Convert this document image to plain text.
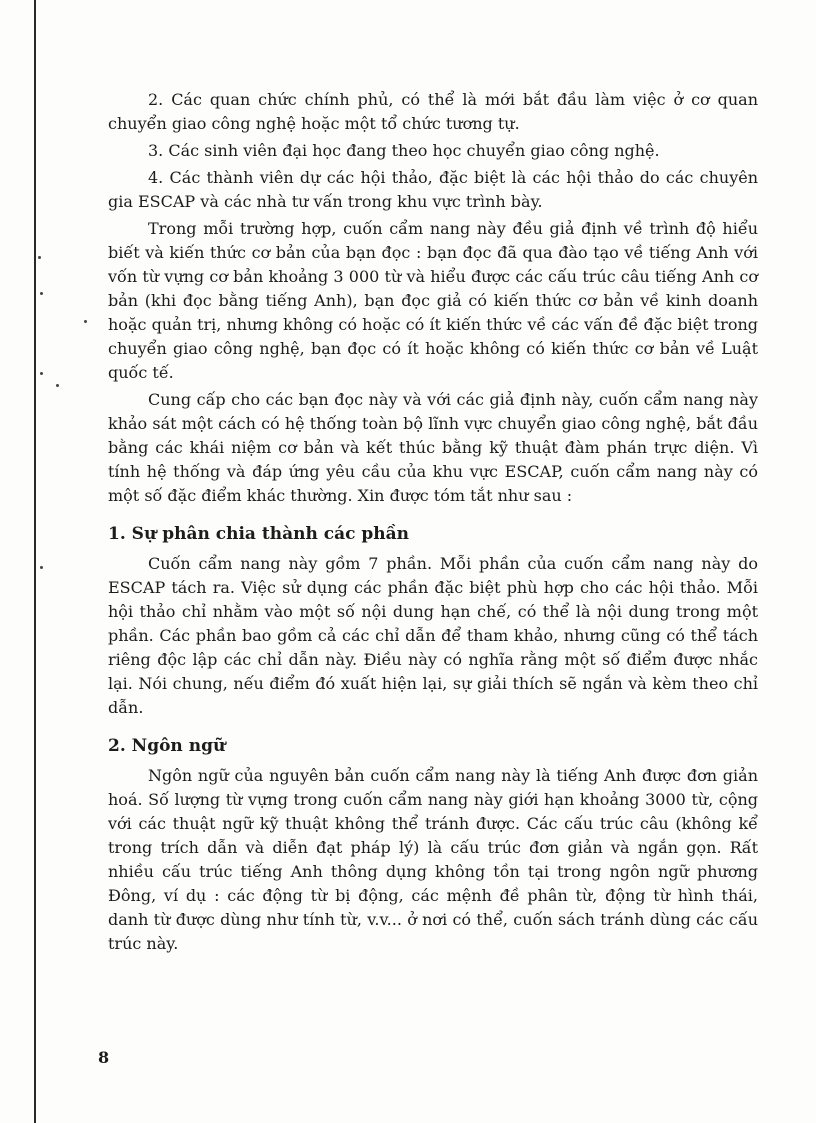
2. Các quan chức chính phủ, có thể là mới bắt đầu làm việc ở cơ quan chuyển giao công nghệ hoặc một tổ chức tương tự.

3. Các sinh viên đại học đang theo học chuyển giao công nghệ.

4. Các thành viên dự các hội thảo, đặc biệt là các hội thảo do các chuyên gia ESCAP và các nhà tư vấn trong khu vực trình bày.

Trong mỗi trường hợp, cuốn cẩm nang này đều giả định về trình độ hiểu biết và kiến thức cơ bản của bạn đọc : bạn đọc đã qua đào tạo về tiếng Anh với vốn từ vựng cơ bản khoảng 3 000 từ và hiểu được các cấu trúc câu tiếng Anh cơ bản (khi đọc bằng tiếng Anh), bạn đọc giả có kiến thức cơ bản về kinh doanh hoặc quản trị, nhưng không có hoặc có ít kiến thức về các vấn đề đặc biệt trong chuyển giao công nghệ, bạn đọc có ít hoặc không có kiến thức cơ bản về Luật quốc tế.

Cung cấp cho các bạn đọc này và với các giả định này, cuốn cẩm nang này khảo sát một cách có hệ thống toàn bộ lĩnh vực chuyển giao công nghệ, bắt đầu bằng các khái niệm cơ bản và kết thúc bằng kỹ thuật đàm phán trực diện. Vì tính hệ thống và đáp ứng yêu cầu của khu vực ESCAP, cuốn cẩm nang này có một số đặc điểm khác thường. Xin được tóm tắt như sau :

1. Sự phân chia thành các phần

Cuốn cẩm nang này gồm 7 phần. Mỗi phần của cuốn cẩm nang này do ESCAP tách ra. Việc sử dụng các phần đặc biệt phù hợp cho các hội thảo. Mỗi hội thảo chỉ nhằm vào một số nội dung hạn chế, có thể là nội dung trong một phần. Các phần bao gồm cả các chỉ dẫn để tham khảo, nhưng cũng có thể tách riêng độc lập các chỉ dẫn này. Điều này có nghĩa rằng một số điểm được nhắc lại. Nói chung, nếu điểm đó xuất hiện lại, sự giải thích sẽ ngắn và kèm theo chỉ dẫn.

2. Ngôn ngữ

Ngôn ngữ của nguyên bản cuốn cẩm nang này là tiếng Anh được đơn giản hoá. Số lượng từ vựng trong cuốn cẩm nang này giới hạn khoảng 3000 từ, cộng với các thuật ngữ kỹ thuật không thể tránh được. Các cấu trúc câu (không kể trong trích dẫn và diễn đạt pháp lý) là cấu trúc đơn giản và ngắn gọn. Rất nhiều cấu trúc tiếng Anh thông dụng không tồn tại trong ngôn ngữ phương Đông, ví dụ : các động từ bị động, các mệnh đề phân từ, động từ hình thái, danh từ được dùng như tính từ, v.v... ở nơi có thể, cuốn sách tránh dùng các cấu trúc này.

8
